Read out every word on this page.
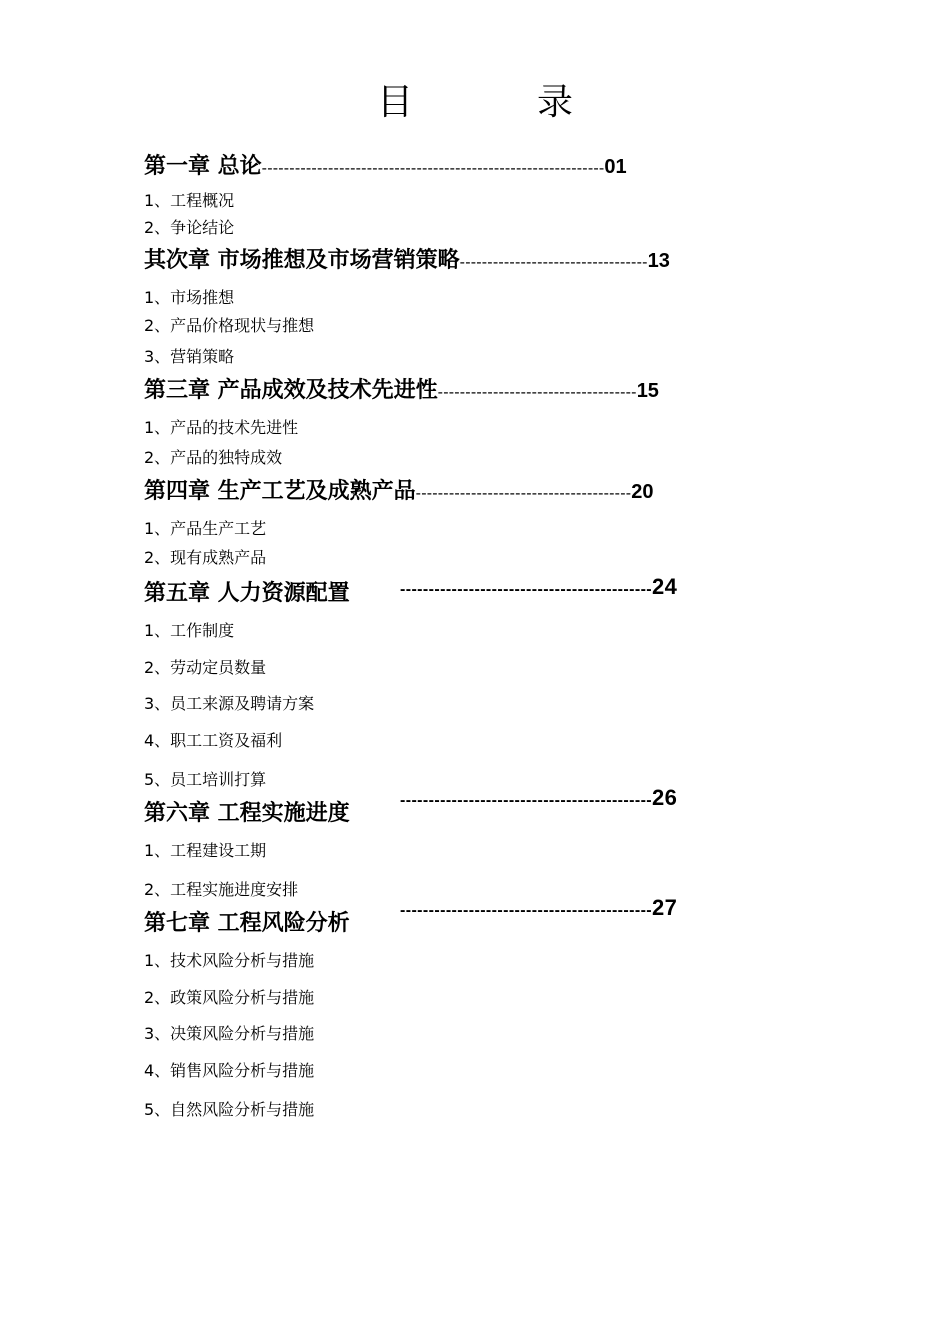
目　录
第一章 总论--------------------------------------------------------------01
1、工程概况
2、争论结论
其次章 市场推想及市场营销策略----------------------------------13
1、市场推想
2、产品价格现状与推想
3、营销策略
第三章 产品成效及技术先进性------------------------------------15
1、产品的技术先进性
2、产品的独特成效
第四章 生产工艺及成熟产品---------------------------------------20
1、产品生产工艺
2、现有成熟产品
第五章 人力资源配置	--------------------------------------------24
1、工作制度
2、劳动定员数量
3、员工来源及聘请方案
4、职工工资及福利
5、员工培训打算
第六章 工程实施进度
--------------------------------------------26
1、工程建设工期
2、工程实施进度安排
第七章 工程风险分析
--------------------------------------------27
1、技术风险分析与措施
2、政策风险分析与措施
3、决策风险分析与措施
4、销售风险分析与措施
5、自然风险分析与措施
